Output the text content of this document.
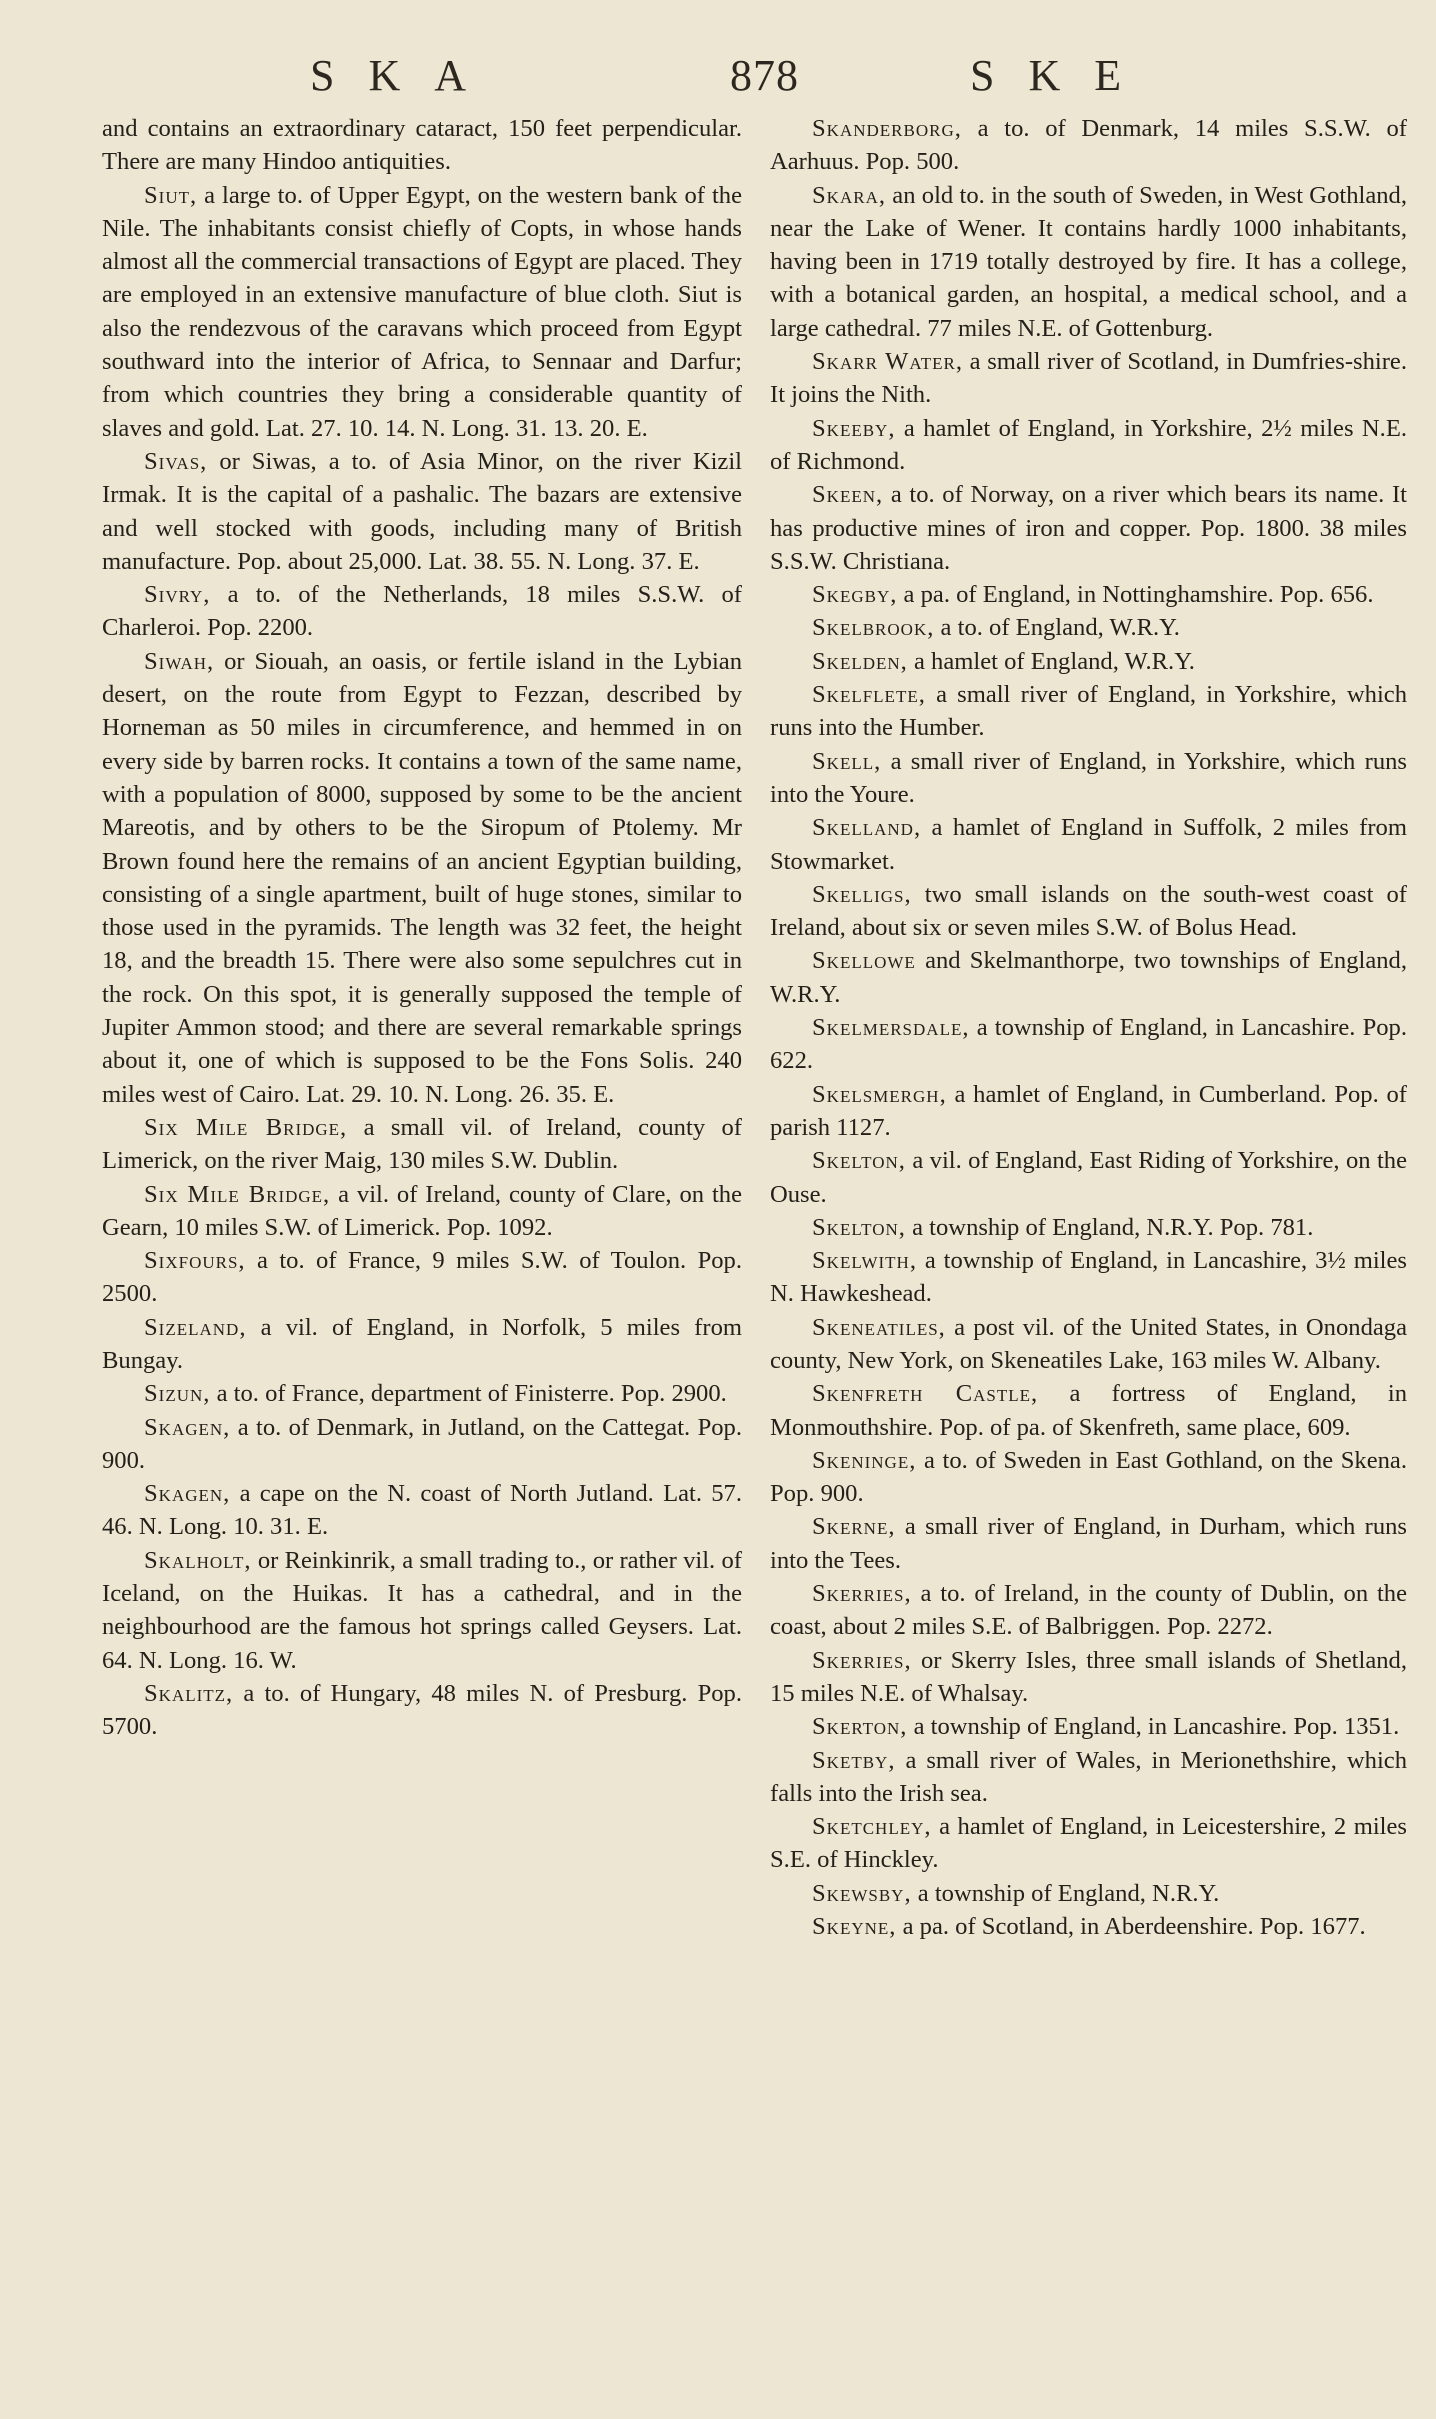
SKA	878	SKE

and contains an extraordinary cataract, 150 feet perpendicular. There are many Hindoo antiquities.

Siut, a large to. of Upper Egypt, on the western bank of the Nile. The inhabitants consist chiefly of Copts, in whose hands almost all the commercial transactions of Egypt are placed. They are employed in an extensive manufacture of blue cloth. Siut is also the rendezvous of the caravans which proceed from Egypt southward into the interior of Africa, to Sennaar and Darfur; from which countries they bring a considerable quantity of slaves and gold. Lat. 27. 10. 14. N. Long. 31. 13. 20. E.

Sivas, or Siwas, a to. of Asia Minor, on the river Kizil Irmak. It is the capital of a pashalic. The bazars are extensive and well stocked with goods, including many of British manufacture. Pop. about 25,000. Lat. 38. 55. N. Long. 37. E.

Sivry, a to. of the Netherlands, 18 miles S.S.W. of Charleroi. Pop. 2200.

Siwah, or Siouah, an oasis, or fertile island in the Lybian desert, on the route from Egypt to Fezzan, described by Horneman as 50 miles in circumference, and hemmed in on every side by barren rocks. It contains a town of the same name, with a population of 8000, supposed by some to be the ancient Mareotis, and by others to be the Siropum of Ptolemy. Mr Brown found here the remains of an ancient Egyptian building, consisting of a single apartment, built of huge stones, similar to those used in the pyramids. The length was 32 feet, the height 18, and the breadth 15. There were also some sepulchres cut in the rock. On this spot, it is generally supposed the temple of Jupiter Ammon stood; and there are several remarkable springs about it, one of which is supposed to be the Fons Solis. 240 miles west of Cairo. Lat. 29. 10. N. Long. 26. 35. E.

Six Mile Bridge, a small vil. of Ireland, county of Limerick, on the river Maig, 130 miles S.W. Dublin.

Six Mile Bridge, a vil. of Ireland, county of Clare, on the Gearn, 10 miles S.W. of Limerick. Pop. 1092.

Sixfours, a to. of France, 9 miles S.W. of Toulon. Pop. 2500.

Sizeland, a vil. of England, in Norfolk, 5 miles from Bungay.

Sizun, a to. of France, department of Finisterre. Pop. 2900.

Skagen, a to. of Denmark, in Jutland, on the Cattegat. Pop. 900.

Skagen, a cape on the N. coast of North Jutland. Lat. 57. 46. N. Long. 10. 31. E.

Skalholt, or Reinkinrik, a small trading to., or rather vil. of Iceland, on the Huikas. It has a cathedral, and in the neighbourhood are the famous hot springs called Geysers. Lat. 64. N. Long. 16. W.

Skalitz, a to. of Hungary, 48 miles N. of Presburg. Pop. 5700.

Skanderborg, a to. of Denmark, 14 miles S.S.W. of Aarhuus. Pop. 500.

Skara, an old to. in the south of Sweden, in West Gothland, near the Lake of Wener. It contains hardly 1000 inhabitants, having been in 1719 totally destroyed by fire. It has a college, with a botanical garden, an hospital, a medical school, and a large cathedral. 77 miles N.E. of Gottenburg.

Skarr Water, a small river of Scotland, in Dumfries-shire. It joins the Nith.

Skeeby, a hamlet of England, in Yorkshire, 2½ miles N.E. of Richmond.

Skeen, a to. of Norway, on a river which bears its name. It has productive mines of iron and copper. Pop. 1800. 38 miles S.S.W. Christiana.

Skegby, a pa. of England, in Nottinghamshire. Pop. 656.

Skelbrook, a to. of England, W.R.Y.

Skelden, a hamlet of England, W.R.Y.

Skelflete, a small river of England, in Yorkshire, which runs into the Humber.

Skell, a small river of England, in Yorkshire, which runs into the Youre.

Skelland, a hamlet of England in Suffolk, 2 miles from Stowmarket.

Skelligs, two small islands on the south-west coast of Ireland, about six or seven miles S.W. of Bolus Head.

Skellowe and Skelmanthorpe, two townships of England, W.R.Y.

Skelmersdale, a township of England, in Lancashire. Pop. 622.

Skelsmergh, a hamlet of England, in Cumberland. Pop. of parish 1127.

Skelton, a vil. of England, East Riding of Yorkshire, on the Ouse.

Skelton, a township of England, N.R.Y. Pop. 781.

Skelwith, a township of England, in Lancashire, 3½ miles N. Hawkeshead.

Skeneatiles, a post vil. of the United States, in Onondaga county, New York, on Skeneatiles Lake, 163 miles W. Albany.

Skenfreth Castle, a fortress of England, in Monmouthshire. Pop. of pa. of Skenfreth, same place, 609.

Skeninge, a to. of Sweden in East Gothland, on the Skena. Pop. 900.

Skerne, a small river of England, in Durham, which runs into the Tees.

Skerries, a to. of Ireland, in the county of Dublin, on the coast, about 2 miles S.E. of Balbriggen. Pop. 2272.

Skerries, or Skerry Isles, three small islands of Shetland, 15 miles N.E. of Whalsay.

Skerton, a township of England, in Lancashire. Pop. 1351.

Sketby, a small river of Wales, in Merionethshire, which falls into the Irish sea.

Sketchley, a hamlet of England, in Leicestershire, 2 miles S.E. of Hinckley.

Skewsby, a township of England, N.R.Y.

Skeyne, a pa. of Scotland, in Aberdeenshire. Pop. 1677.
